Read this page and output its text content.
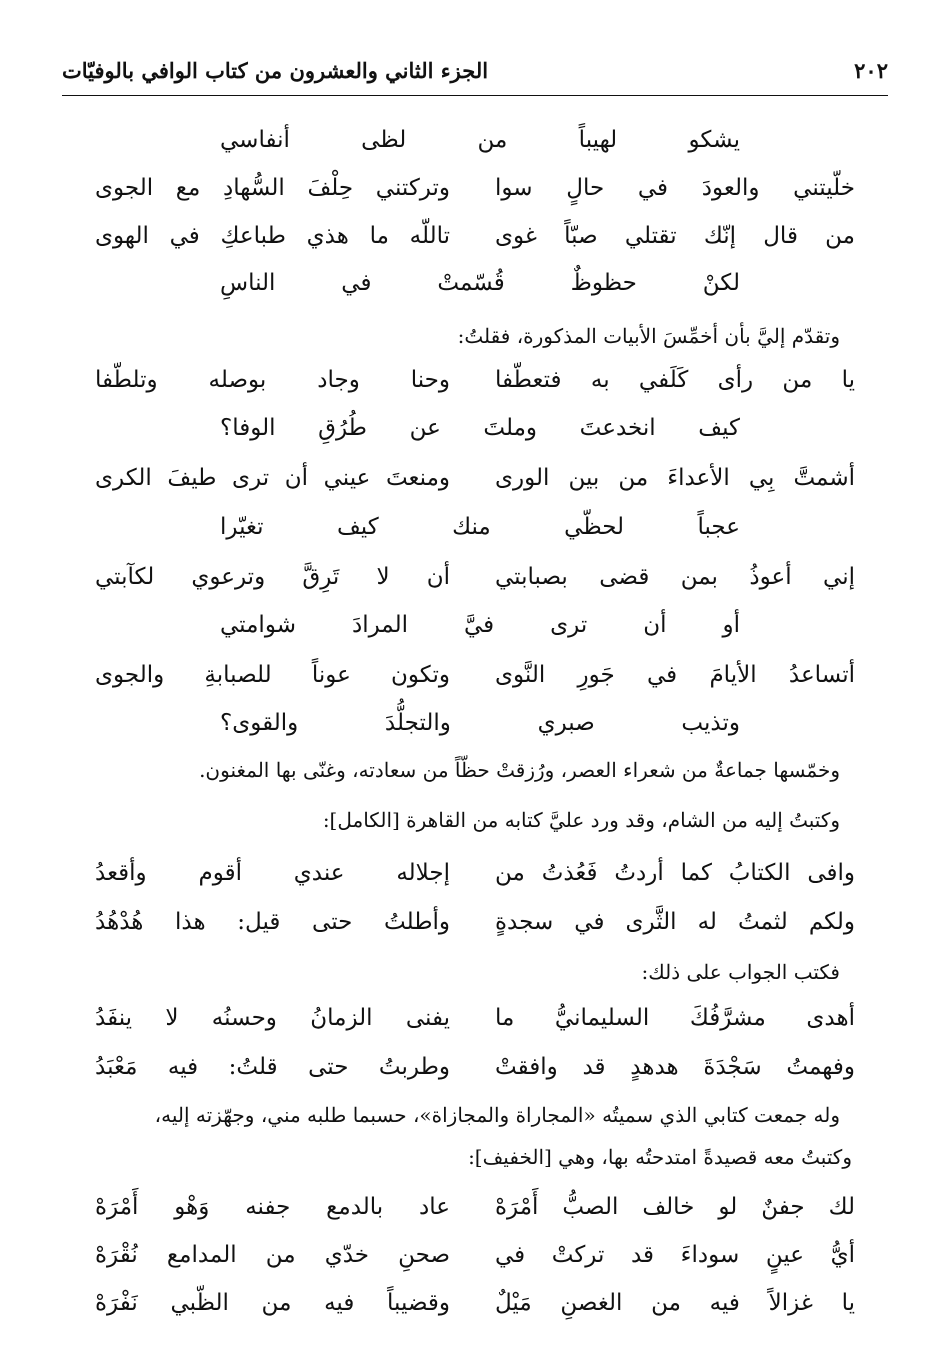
٢٠٢
الجزء الثاني والعشرون من كتاب الوافي بالوفيّات
يشكو لهيباً من لظى أنفاسي
خلّيتني والعودَ في حالٍ سوا
وتركتني حِلْفَ السُّهادِ مع الجوى
من قال إنّك تقتلي صبّاً غوى
تاللّه ما هذي طباعكِ في الهوى
لكنْ حظوظٌ قُسّمتْ في الناسِ
وتقدّم إليَّ بأن أخمِّسَ الأبيات المذكورة، فقلتُ:
يا من رأى كَلَفي به فتعطّفا
وحنا وجاد بوصله وتلطّفا
كيف انخدعتَ وملتَ عن طُرُقِ الوفا؟
أشمتَّ بِي الأعداءَ من بين الورى
ومنعتَ عيني أن ترى طيفَ الكرى
عجباً لحظّي منك كيف تغيّرا
إني أعوذُ بمن قضى بصبابتي
أن لا تَرِقَّ وترعوي لكآبتي
أو أن ترى فيَّ المرادَ شوامتي
أتساعدُ الأيامَ في جَورِ النَّوى
وتكون عوناً للصبابةِ والجوى
وتذيب صبري والتجلُّدَ والقوى؟
وخمّسها جماعةٌ من شعراء العصر، ورُزقتْ حظّاً من سعادته، وغنّى بها المغنون.
وكتبتُ إليه من الشام، وقد ورد عليَّ كتابه من القاهرة [الكامل]:
وافى الكتابُ كما أردتُ فَعُذتُ من
إجلاله عندي أقوم وأقعدُ
ولكم لثمتُ له الثَّرى في سجدةٍ
وأطلتُ حتى قيل: هذا هُدْهُدُ
فكتب الجواب على ذلك:
أهدى مشرَّفُكَ السليمانيُّ ما
يفنى الزمانُ وحسنُه لا ينفَدُ
وفهمتُ سَجْدَةَ هدهدٍ قد وافقتْ
وطربتُ حتى قلتُ: فيه مَعْبَدُ
وله جمعت كتابي الذي سميتُه «المجاراة والمجازاة»، حسبما طلبه مني، وجهّزته إليه،
وكتبتُ معه قصيدةً امتدحتُه بها، وهي [الخفيف]:
لك جفنٌ لو خالف الصبُّ أَمْرَهْ
عاد بالدمع جفنه وَهْو أَمْرَهْ
أيُّ عينٍ سوداءَ قد تركتْ في
صحنِ خدّي من المدامع نُقْرَهْ
يا غزالاً فيه من الغصنِ مَيْلٌ
وقضيباً فيه من الظّبي نَفْرَهْ
